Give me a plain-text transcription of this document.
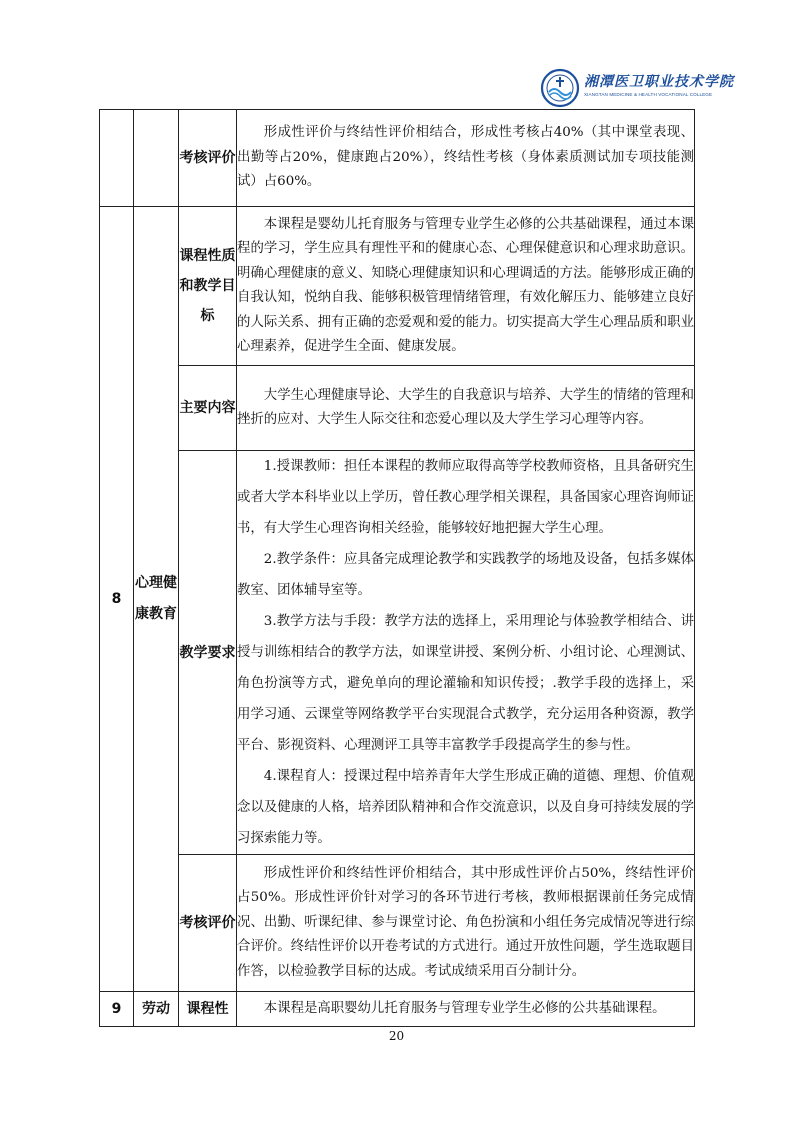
湘潭医卫职业技术学院
XIANGTAN MEDICINE & HEALTH VOCATIONAL COLLEGE
		考核评价	形成性评价与终结性评价相结合，形成性考核占40%（其中课堂表现、出勤等占20%，健康跑占20%），终结性考核（身体素质测试加专项技能测试）占60%。

8	心理健康教育	课程性质和教学目标	本课程是婴幼儿托育服务与管理专业学生必修的公共基础课程，通过本课程的学习，学生应具有理性平和的健康心态、心理保健意识和心理求助意识。明确心理健康的意义、知晓心理健康知识和心理调适的方法。能够形成正确的自我认知，悦纳自我、能够积极管理情绪管理，有效化解压力、能够建立良好的人际关系、拥有正确的恋爱观和爱的能力。切实提高大学生心理品质和职业心理素养，促进学生全面、健康发展。

		主要内容	大学生心理健康导论、大学生的自我意识与培养、大学生的情绪的管理和挫折的应对、大学生人际交往和恋爱心理以及大学生学习心理等内容。

		教学要求	1.授课教师：担任本课程的教师应取得高等学校教师资格，且具备研究生或者大学本科毕业以上学历，曾任教心理学相关课程，具备国家心理咨询师证书，有大学生心理咨询相关经验，能够较好地把握大学生心理。

2.教学条件：应具备完成理论教学和实践教学的场地及设备，包括多媒体教室、团体辅导室等。

3.教学方法与手段：教学方法的选择上，采用理论与体验教学相结合、讲授与训练相结合的教学方法，如课堂讲授、案例分析、小组讨论、心理测试、角色扮演等方式，避免单向的理论灌输和知识传授；.教学手段的选择上，采用学习通、云课堂等网络教学平台实现混合式教学，充分运用各种资源，教学平台、影视资料、心理测评工具等丰富教学手段提高学生的参与性。

4.课程育人：授课过程中培养青年大学生形成正确的道德、理想、价值观念以及健康的人格，培养团队精神和合作交流意识，以及自身可持续发展的学习探索能力等。

		考核评价	形成性评价和终结性评价相结合，其中形成性评价占50%，终结性评价占50%。形成性评价针对学习的各环节进行考核，教师根据课前任务完成情况、出勤、听课纪律、参与课堂讨论、角色扮演和小组任务完成情况等进行综合评价。终结性评价以开卷考试的方式进行。通过开放性问题，学生选取题目作答，以检验教学目标的达成。考试成绩采用百分制计分。

9	劳动	课程性	本课程是高职婴幼儿托育服务与管理专业学生必修的公共基础课程。

20
